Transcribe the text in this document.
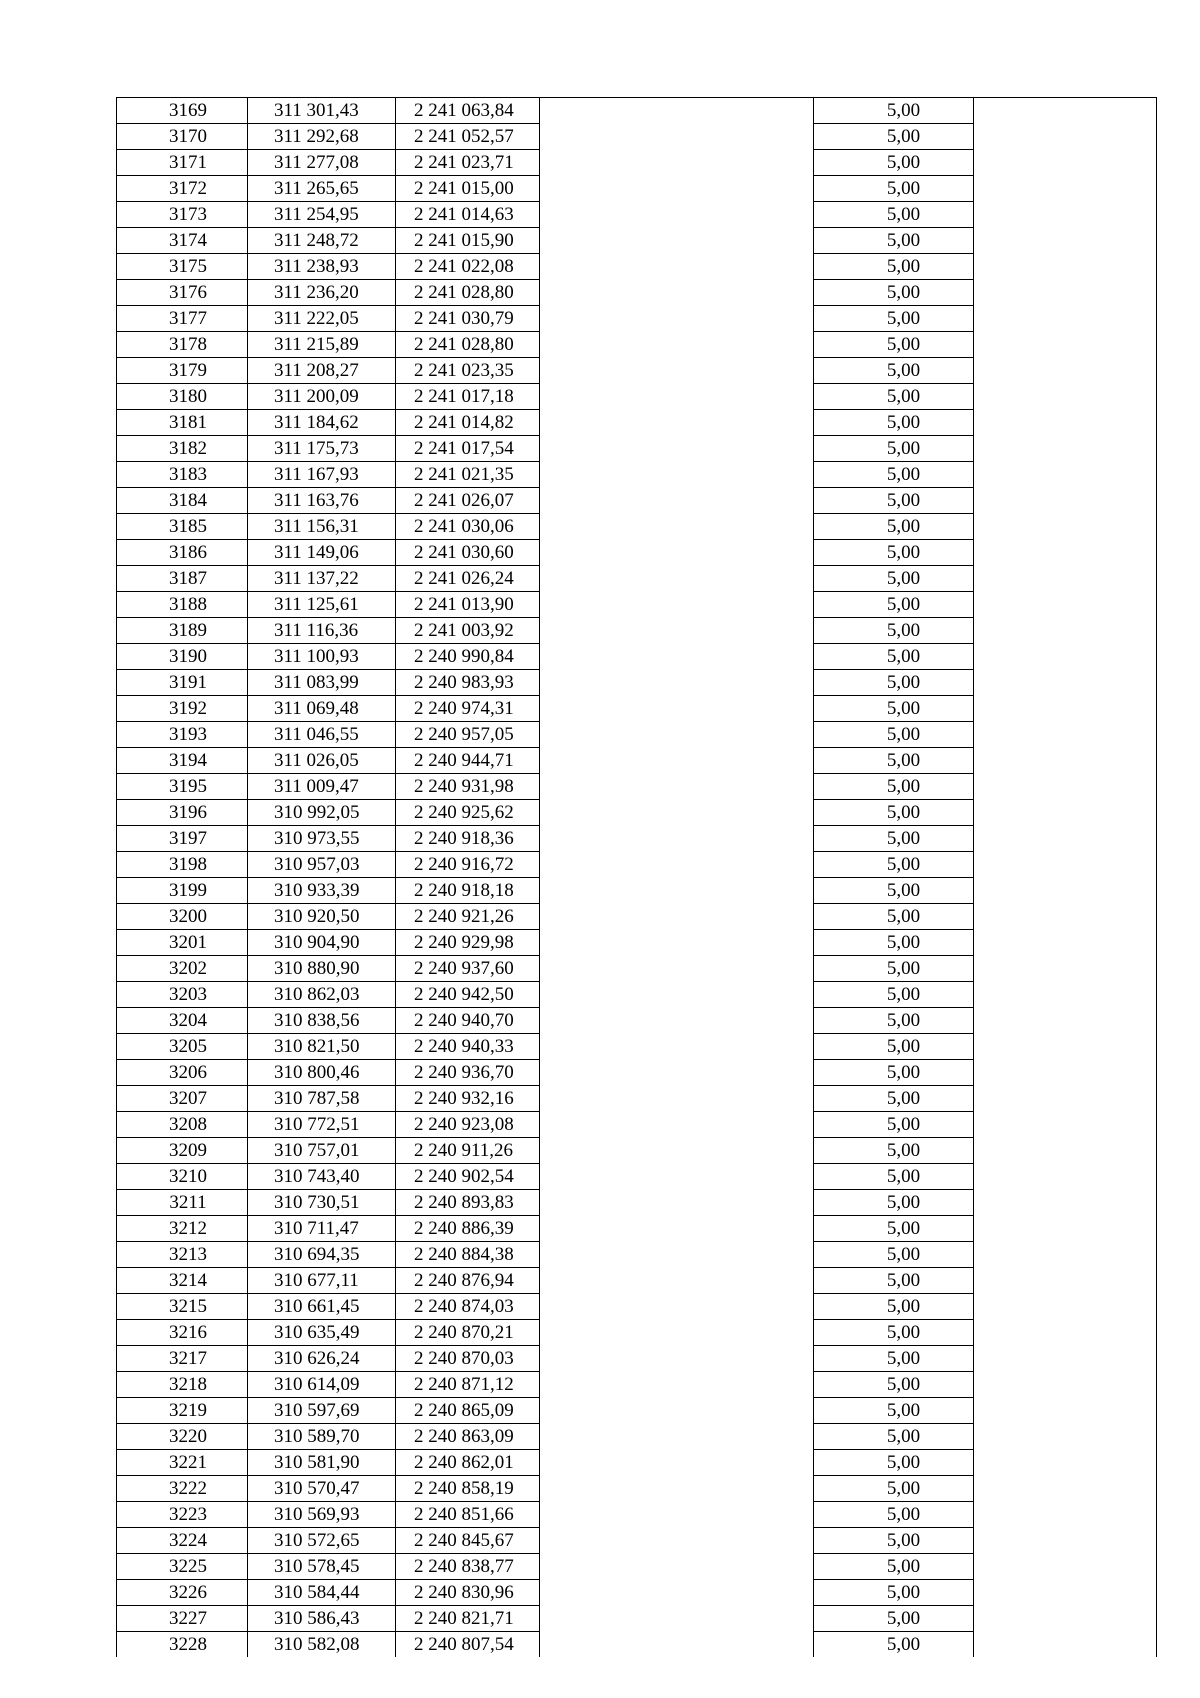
3169	311 301,43	2 241 063,84		5,00	
3170	311 292,68	2 241 052,57		5,00	
3171	311 277,08	2 241 023,71		5,00	
3172	311 265,65	2 241 015,00		5,00	
3173	311 254,95	2 241 014,63		5,00	
3174	311 248,72	2 241 015,90		5,00	
3175	311 238,93	2 241 022,08		5,00	
3176	311 236,20	2 241 028,80		5,00	
3177	311 222,05	2 241 030,79		5,00	
3178	311 215,89	2 241 028,80		5,00	
3179	311 208,27	2 241 023,35		5,00	
3180	311 200,09	2 241 017,18		5,00	
3181	311 184,62	2 241 014,82		5,00	
3182	311 175,73	2 241 017,54		5,00	
3183	311 167,93	2 241 021,35		5,00	
3184	311 163,76	2 241 026,07		5,00	
3185	311 156,31	2 241 030,06		5,00	
3186	311 149,06	2 241 030,60		5,00	
3187	311 137,22	2 241 026,24		5,00	
3188	311 125,61	2 241 013,90		5,00	
3189	311 116,36	2 241 003,92		5,00	
3190	311 100,93	2 240 990,84		5,00	
3191	311 083,99	2 240 983,93		5,00	
3192	311 069,48	2 240 974,31		5,00	
3193	311 046,55	2 240 957,05		5,00	
3194	311 026,05	2 240 944,71		5,00	
3195	311 009,47	2 240 931,98		5,00	
3196	310 992,05	2 240 925,62		5,00	
3197	310 973,55	2 240 918,36		5,00	
3198	310 957,03	2 240 916,72		5,00	
3199	310 933,39	2 240 918,18		5,00	
3200	310 920,50	2 240 921,26		5,00	
3201	310 904,90	2 240 929,98		5,00	
3202	310 880,90	2 240 937,60		5,00	
3203	310 862,03	2 240 942,50		5,00	
3204	310 838,56	2 240 940,70		5,00	
3205	310 821,50	2 240 940,33		5,00	
3206	310 800,46	2 240 936,70		5,00	
3207	310 787,58	2 240 932,16		5,00	
3208	310 772,51	2 240 923,08		5,00	
3209	310 757,01	2 240 911,26		5,00	
3210	310 743,40	2 240 902,54		5,00	
3211	310 730,51	2 240 893,83		5,00	
3212	310 711,47	2 240 886,39		5,00	
3213	310 694,35	2 240 884,38		5,00	
3214	310 677,11	2 240 876,94		5,00	
3215	310 661,45	2 240 874,03		5,00	
3216	310 635,49	2 240 870,21		5,00	
3217	310 626,24	2 240 870,03		5,00	
3218	310 614,09	2 240 871,12		5,00	
3219	310 597,69	2 240 865,09		5,00	
3220	310 589,70	2 240 863,09		5,00	
3221	310 581,90	2 240 862,01		5,00	
3222	310 570,47	2 240 858,19		5,00	
3223	310 569,93	2 240 851,66		5,00	
3224	310 572,65	2 240 845,67		5,00	
3225	310 578,45	2 240 838,77		5,00	
3226	310 584,44	2 240 830,96		5,00	
3227	310 586,43	2 240 821,71		5,00	
3228	310 582,08	2 240 807,54		5,00	
